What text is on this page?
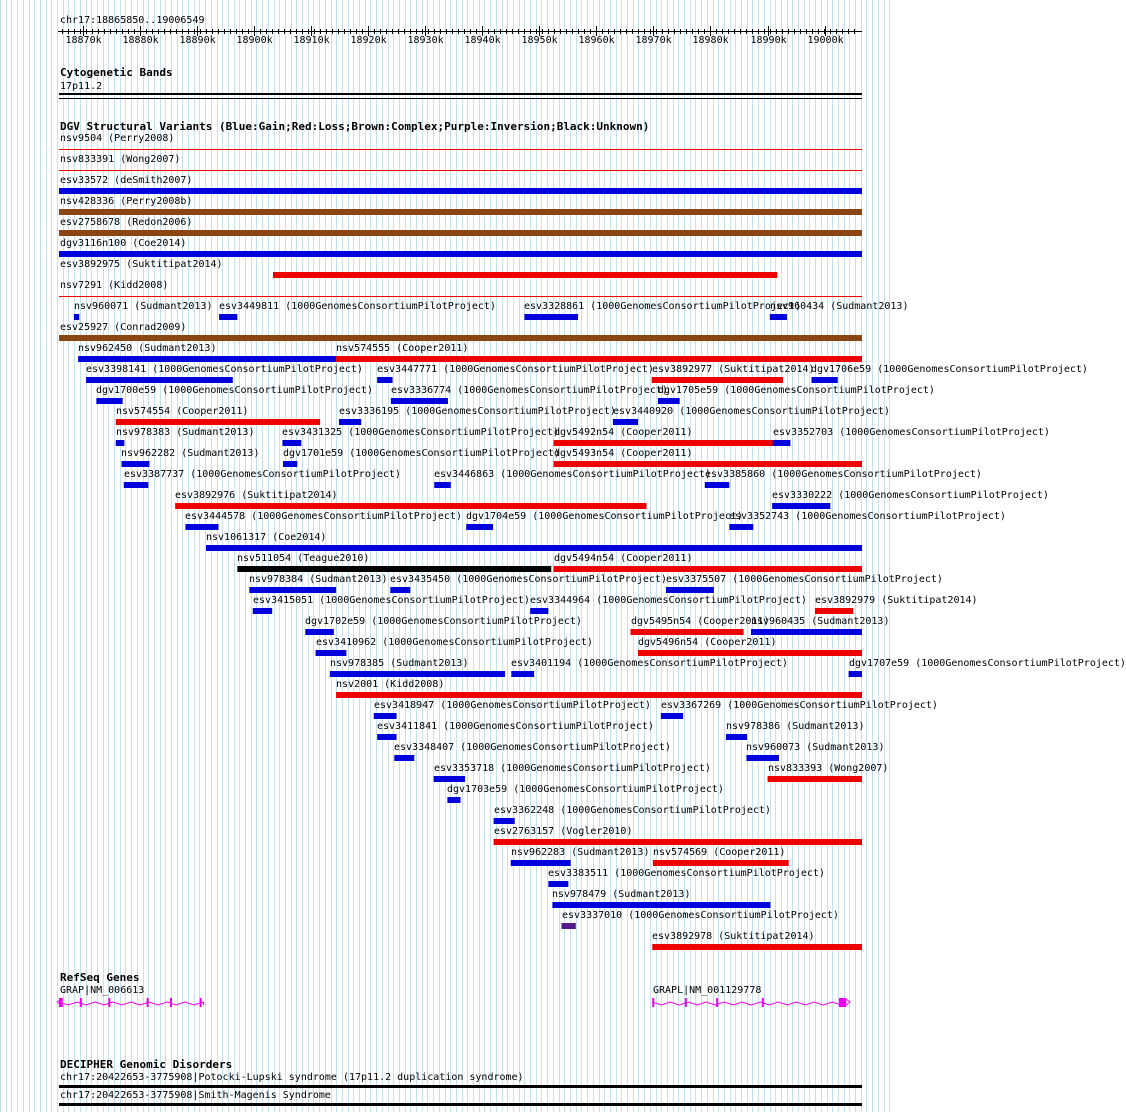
chr17:18865850..19006549
18870k 18880k 18890k 18900k 18910k 18920k 18930k 18940k 18950k 18960k 18970k 18980k 18990k 19000k
Cytogenetic Bands
17p11.2
DGV Structural Variants (Blue:Gain;Red:Loss;Brown:Complex;Purple:Inversion;Black:Unknown)
nsv9504 (Perry2008)
nsv833391 (Wong2007)
esv33572 (deSmith2007)
nsv428336 (Perry2008b)
esv2758678 (Redon2006)
dgv3116n100 (Coe2014)
esv3892975 (Suktitipat2014)
nsv7291 (Kidd2008)
nsv960071 (Sudmant2013) esv3449811 (1000GenomesConsortiumPilotProject)	esv3328861 (1000GenomesConsortiumPilotProject)
nsv960434 (Sudmant2013)
esv25927 (Conrad2009)
nsv962450 (Sudmant2013)	nsv574555 (Cooper2011)
esv3398141 (1000GenomesConsortiumPilotProject) esv3447771 (1000GenomesConsortiumPilotProject)
esv3892977 (Suktitipat2014)
dgv1706e59 (1000GenomesConsortiumPilotProject)
dgv1700e59 (1000GenomesConsortiumPilotProject) esv3336774 (1000GenomesConsortiumPilotProject)
dgv1705e59 (1000GenomesConsortiumPilotProject)
nsv574554 (Cooper2011)	esv3336195 (1000GenomesConsortiumPilotProject)
esv3440920 (1000GenomesConsortiumPilotProject)
nsv978383 (Sudmant2013)	esv3431325 (1000GenomesConsortiumPilotProject)
dgv5492n54 (Cooper2011)	esv3352703 (1000GenomesConsortiumPilotProject)
nsv962282 (Sudmant2013) dgv1701e59 (1000GenomesConsortiumPilotProject)
dgv5493n54 (Cooper2011)
esv3387737 (1000GenomesConsortiumPilotProject)	esv3446863 (1000GenomesConsortiumPilotProject)
esv3385860 (1000GenomesConsortiumPilotProject)
esv3892976 (Suktitipat2014)	esv3330222 (1000GenomesConsortiumPilotProject)
esv3444578 (1000GenomesConsortiumPilotProject) dgv1704e59 (1000GenomesConsortiumPilotProject)
esv3352743 (1000GenomesConsortiumPilotProject)
nsv1061317 (Coe2014)
nsv511054 (Teague2010)	dgv5494n54 (Cooper2011)
nsv978384 (Sudmant2013) esv3435450 (1000GenomesConsortiumPilotProject) esv3375507 (1000GenomesConsortiumPilotProject)
esv3415051 (1000GenomesConsortiumPilotProject) esv3344964 (1000GenomesConsortiumPilotProject) esv3892979 (Suktitipat2014)
dgv1702e59 (1000GenomesConsortiumPilotProject)	dgv5495n54 (Cooper2011)
nsv960435 (Sudmant2013)
esv3410962 (1000GenomesConsortiumPilotProject)	dgv5496n54 (Cooper2011)
nsv978385 (Sudmant2013)	esv3401194 (1000GenomesConsortiumPilotProject)	dgv1707e59 (1000GenomesConsortiumPilotProject)
nsv2001 (Kidd2008)
esv3418947 (1000GenomesConsortiumPilotProject) esv3367269 (1000GenomesConsortiumPilotProject)
esv3411841 (1000GenomesConsortiumPilotProject)	nsv978386 (Sudmant2013)
esv3348407 (1000GenomesConsortiumPilotProject)	nsv960073 (Sudmant2013)
esv3353718 (1000GenomesConsortiumPilotProject)	nsv833393 (Wong2007)
dgv1703e59 (1000GenomesConsortiumPilotProject)
esv3362248 (1000GenomesConsortiumPilotProject)
esv2763157 (Vogler2010)
nsv962283 (Sudmant2013) nsv574569 (Cooper2011)
esv3383511 (1000GenomesConsortiumPilotProject)
nsv978479 (Sudmant2013)
esv3337010 (1000GenomesConsortiumPilotProject)
esv3892978 (Suktitipat2014)
RefSeq Genes
GRAP|NM_006613	GRAPL|NM_001129778
DECIPHER Genomic Disorders
chr17:20422653-3775908|Potocki-Lupski syndrome (17p11.2 duplication syndrome)
chr17:20422653-3775908|Smith-Magenis Syndrome
